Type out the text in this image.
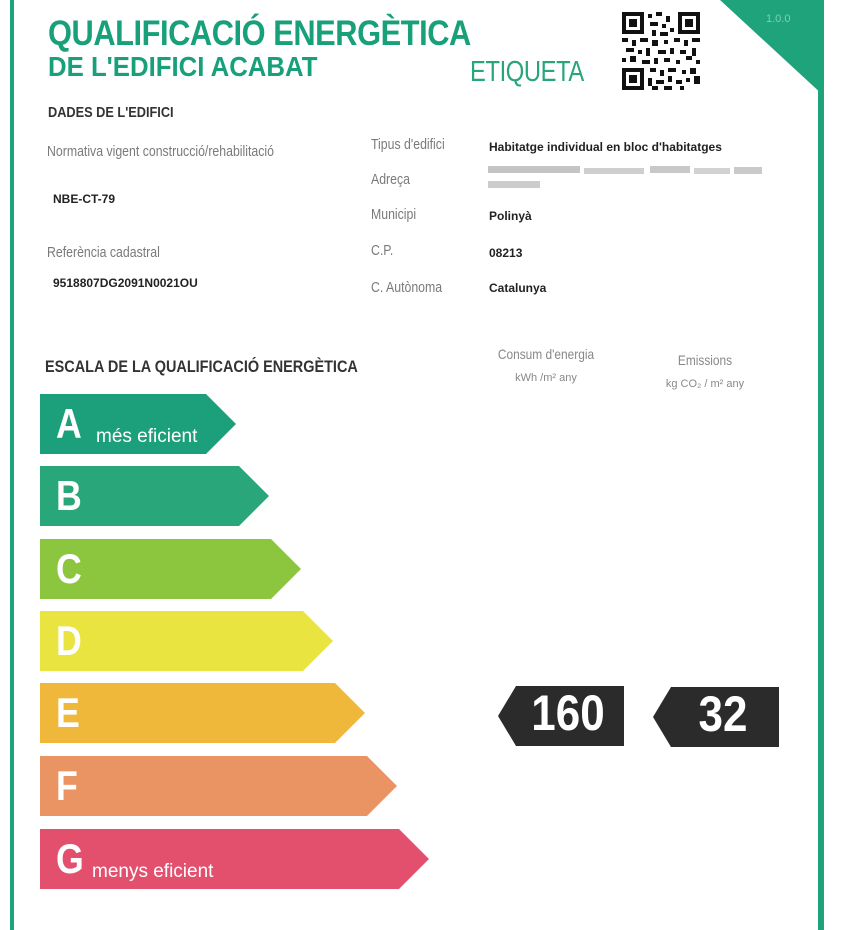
1.0.0
QUALIFICACIÓ ENERGÈTICA
DE L'EDIFICI ACABAT	ETIQUETA
DADES DE L'EDIFICI
Normativa vigent construcció/rehabilitació
NBE-CT-79
Referència cadastral
9518807DG2091N0021OU
Tipus d'edifici	Habitatge individual en bloc d'habitatges
Adreça
Municipi	Polinyà
C.P.	08213
C. Autònoma	Catalunya
ESCALA DE LA QUALIFICACIÓ ENERGÈTICA
Consum d'energia
kWh /m² any
Emissions
kg CO₂ / m² any
A més eficient
B
C
D
E
F
G menys eficient
160	32
